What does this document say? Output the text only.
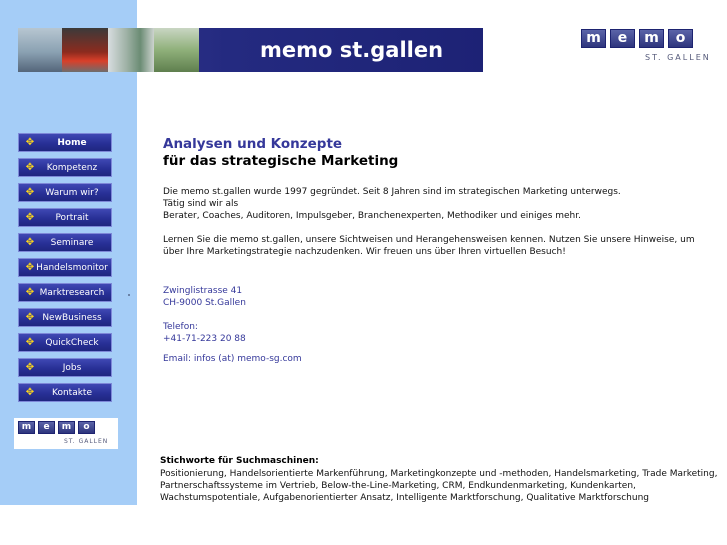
memo st.gallen	m	e	m	o
ST. GALLEN
✥	Home
✥ Kompetenz
✥ Warum wir?
✥ Portrait
✥ Seminare
✥ Handelsmonitor
✥ Marktresearch
✥ NewBusiness
✥ QuickCheck
✥	Jobs
✥ Kontakte
m	e	m	o
ST. GALLEN
Analysen und Konzepte
für das strategische Marketing
Die memo st.gallen wurde 1997 gegründet. Seit 8 Jahren sind im strategischen Marketing unterwegs.
Tätig sind wir als
Berater, Coaches, Auditoren, Impulsgeber, Branchenexperten, Methodiker und einiges mehr.
Lernen Sie die memo st.gallen, unsere Sichtweisen und Herangehensweisen kennen. Nutzen Sie unsere Hinweise, um
über Ihre Marketingstrategie nachzudenken. Wir freuen uns über Ihren virtuellen Besuch!
Zwinglistrasse 41
CH-9000 St.Gallen
Telefon:
+41-71-223 20 88
Email: infos (at) memo-sg.com
Stichworte für Suchmaschinen:
Positionierung, Handelsorientierte Markenführung, Marketingkonzepte und -methoden, Handelsmarketing, Trade Marketing,
Partnerschaftssysteme im Vertrieb, Below-the-Line-Marketing, CRM, Endkundenmarketing, Kundenkarten,
Wachstumspotentiale, Aufgabenorientierter Ansatz, Intelligente Marktforschung, Qualitative Marktforschung
